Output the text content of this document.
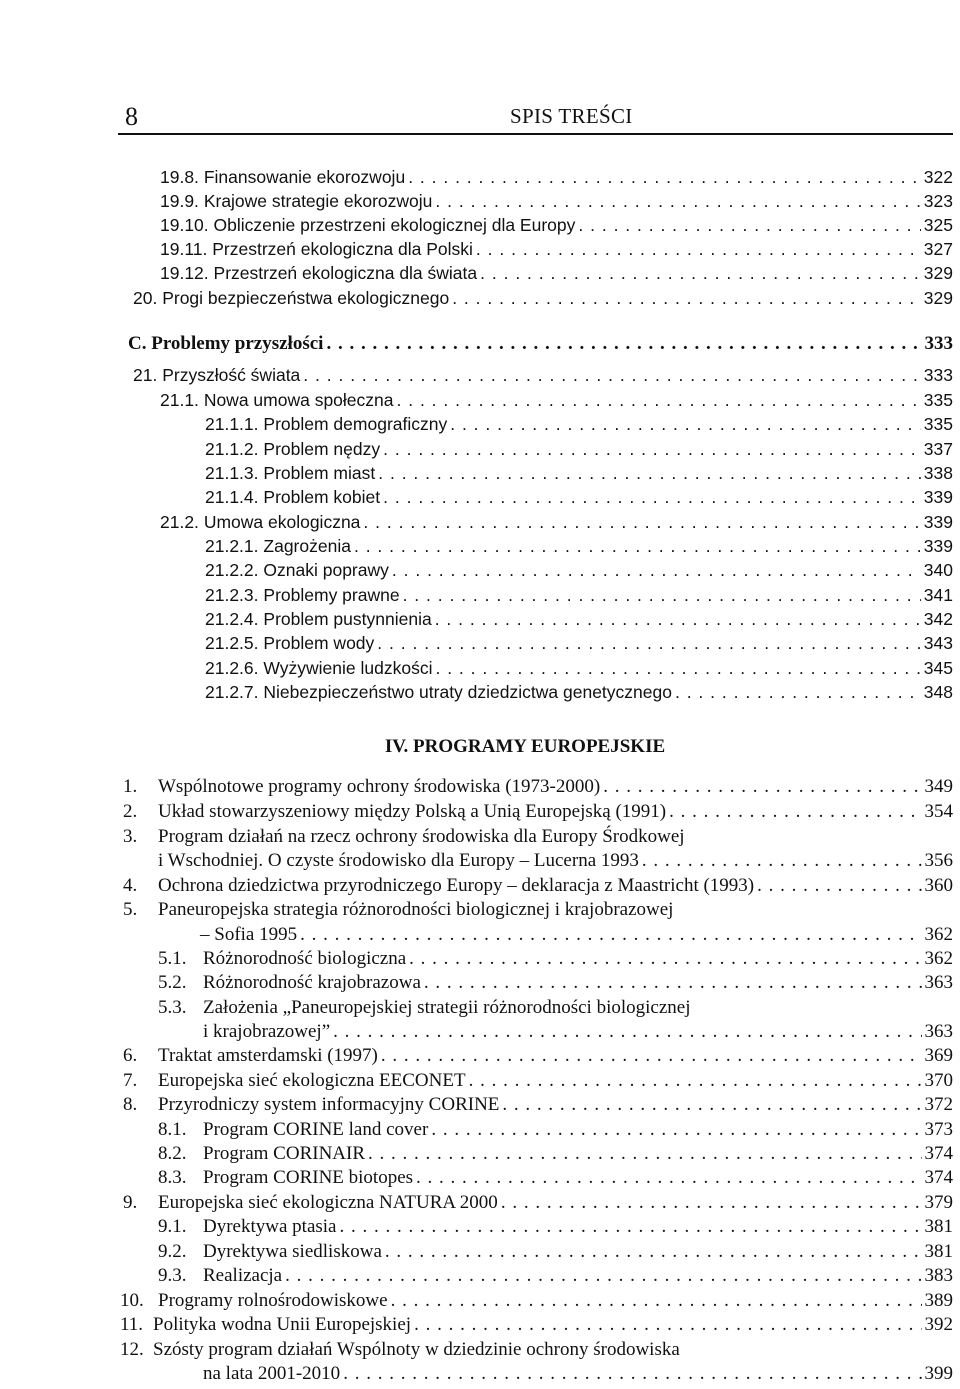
8	SPIS TREŚCI
19.8. Finansowanie ekorozwoju . . .	322
19.9. Krajowe strategie ekorozwoju . . .	323
19.10. Obliczenie przestrzeni ekologicznej dla Europy . . .	325
19.11. Przestrzeń ekologiczna dla Polski . . .	327
19.12. Przestrzeń ekologiczna dla świata . . .	329
20. Progi bezpieczeństwa ekologicznego . . .	329
C. Problemy przyszłości . . .	333
21. Przyszłość świata . . .	333
21.1. Nowa umowa społeczna . . .	335
21.1.1. Problem demograficzny . . .	335
21.1.2. Problem nędzy . . .	337
21.1.3. Problem miast . . .	338
21.1.4. Problem kobiet . . .	339
21.2. Umowa ekologiczna . . .	339
21.2.1. Zagrożenia . . .	339
21.2.2. Oznaki poprawy . . .	340
21.2.3. Problemy prawne . . .	341
21.2.4. Problem pustynnienia . . .	342
21.2.5. Problem wody . . .	343
21.2.6. Wyżywienie ludzkości . . .	345
21.2.7. Niebezpieczeństwo utraty dziedzictwa genetycznego . . .	348
IV. PROGRAMY EUROPEJSKIE
1. Wspólnotowe programy ochrony środowiska (1973-2000) . . .	349
2. Układ stowarzyszeniowy między Polską a Unią Europejską (1991) . . .	354
3. Program działań na rzecz ochrony środowiska dla Europy Środkowej
i Wschodniej. O czyste środowisko dla Europy – Lucerna 1993 . . .	356
4. Ochrona dziedzictwa przyrodniczego Europy – deklaracja z Maastricht (1993) . . .	360
5. Paneuropejska strategia różnorodności biologicznej i krajobrazowej
– Sofia 1995 . . .	362
5.1. Różnorodność biologiczna . . .	362
5.2. Różnorodność krajobrazowa . . .	363
5.3. Założenia „Paneuropejskiej strategii różnorodności biologicznej
i krajobrazowej” . . .	363
6. Traktat amsterdamski (1997) . . .	369
7. Europejska sieć ekologiczna EECONET . . .	370
8. Przyrodniczy system informacyjny CORINE . . .	372
8.1. Program CORINE land cover . . .	373
8.2. Program CORINAIR . . .	374
8.3. Program CORINE biotopes . . .	374
9. Europejska sieć ekologiczna NATURA 2000 . . .	379
9.1. Dyrektywa ptasia . . .	381
9.2. Dyrektywa siedliskowa . . .	381
9.3. Realizacja . . .	383
10. Programy rolnośrodowiskowe . . .	389
11. Polityka wodna Unii Europejskiej . . .	392
12. Szósty program działań Wspólnoty w dziedzinie ochrony środowiska
na lata 2001-2010 . . .	399
